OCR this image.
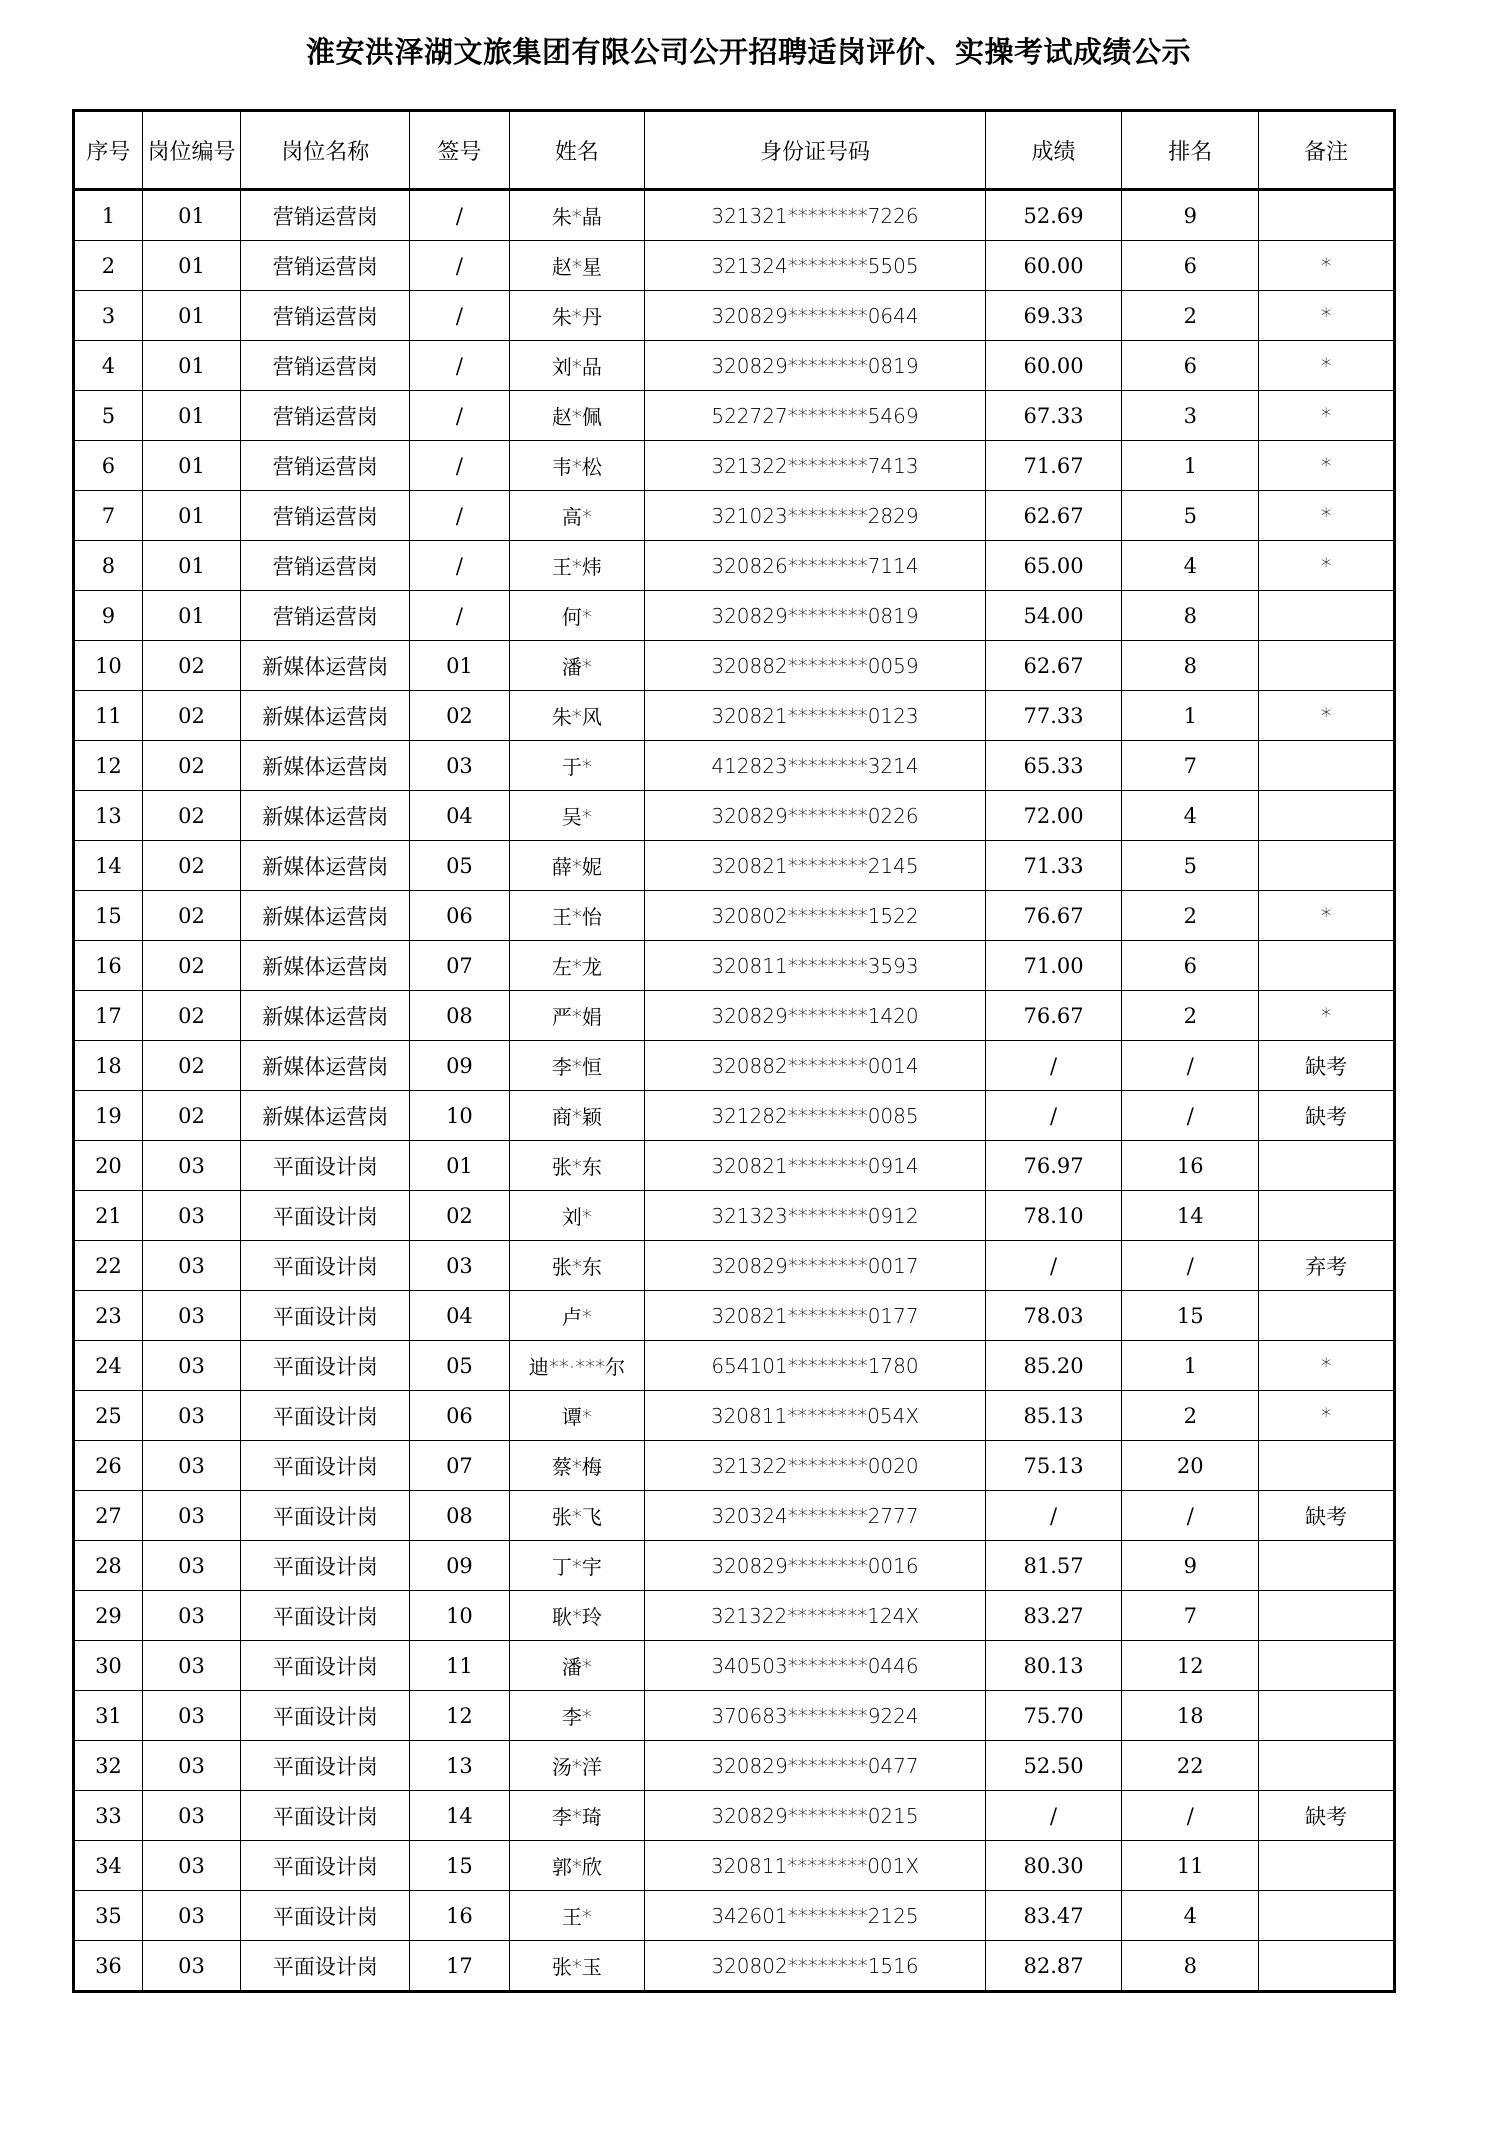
淮安洪泽湖文旅集团有限公司公开招聘适岗评价、实操考试成绩公示
序号	岗位编号	岗位名称	签号	姓名	身份证号码	成绩	排名	备注
1	01	营销运营岗	/	朱*晶	321321********7226	52.69	9	
2	01	营销运营岗	/	赵*星	321324********5505	60.00	6	*
3	01	营销运营岗	/	朱*丹	320829********0644	69.33	2	*
4	01	营销运营岗	/	刘*品	320829********0819	60.00	6	*
5	01	营销运营岗	/	赵*佩	522727********5469	67.33	3	*
6	01	营销运营岗	/	韦*松	321322********7413	71.67	1	*
7	01	营销运营岗	/	高*	321023********2829	62.67	5	*
8	01	营销运营岗	/	王*炜	320826********7114	65.00	4	*
9	01	营销运营岗	/	何*	320829********0819	54.00	8	
10	02	新媒体运营岗	01	潘*	320882********0059	62.67	8	
11	02	新媒体运营岗	02	朱*风	320821********0123	77.33	1	*
12	02	新媒体运营岗	03	于*	412823********3214	65.33	7	
13	02	新媒体运营岗	04	吴*	320829********0226	72.00	4	
14	02	新媒体运营岗	05	薛*妮	320821********2145	71.33	5	
15	02	新媒体运营岗	06	王*怡	320802********1522	76.67	2	*
16	02	新媒体运营岗	07	左*龙	320811********3593	71.00	6	
17	02	新媒体运营岗	08	严*娟	320829********1420	76.67	2	*
18	02	新媒体运营岗	09	李*恒	320882********0014	/	/	缺考
19	02	新媒体运营岗	10	商*颖	321282********0085	/	/	缺考
20	03	平面设计岗	01	张*东	320821********0914	76.97	16	
21	03	平面设计岗	02	刘*	321323********0912	78.10	14	
22	03	平面设计岗	03	张*东	320829********0017	/	/	弃考
23	03	平面设计岗	04	卢*	320821********0177	78.03	15	
24	03	平面设计岗	05	迪**·***尔	654101********1780	85.20	1	*
25	03	平面设计岗	06	谭*	320811********054X	85.13	2	*
26	03	平面设计岗	07	蔡*梅	321322********0020	75.13	20	
27	03	平面设计岗	08	张*飞	320324********2777	/	/	缺考
28	03	平面设计岗	09	丁*宇	320829********0016	81.57	9	
29	03	平面设计岗	10	耿*玲	321322********124X	83.27	7	
30	03	平面设计岗	11	潘*	340503********0446	80.13	12	
31	03	平面设计岗	12	李*	370683********9224	75.70	18	
32	03	平面设计岗	13	汤*洋	320829********0477	52.50	22	
33	03	平面设计岗	14	李*琦	320829********0215	/	/	缺考
34	03	平面设计岗	15	郭*欣	320811********001X	80.30	11	
35	03	平面设计岗	16	王*	342601********2125	83.47	4	
36	03	平面设计岗	17	张*玉	320802********1516	82.87	8	
